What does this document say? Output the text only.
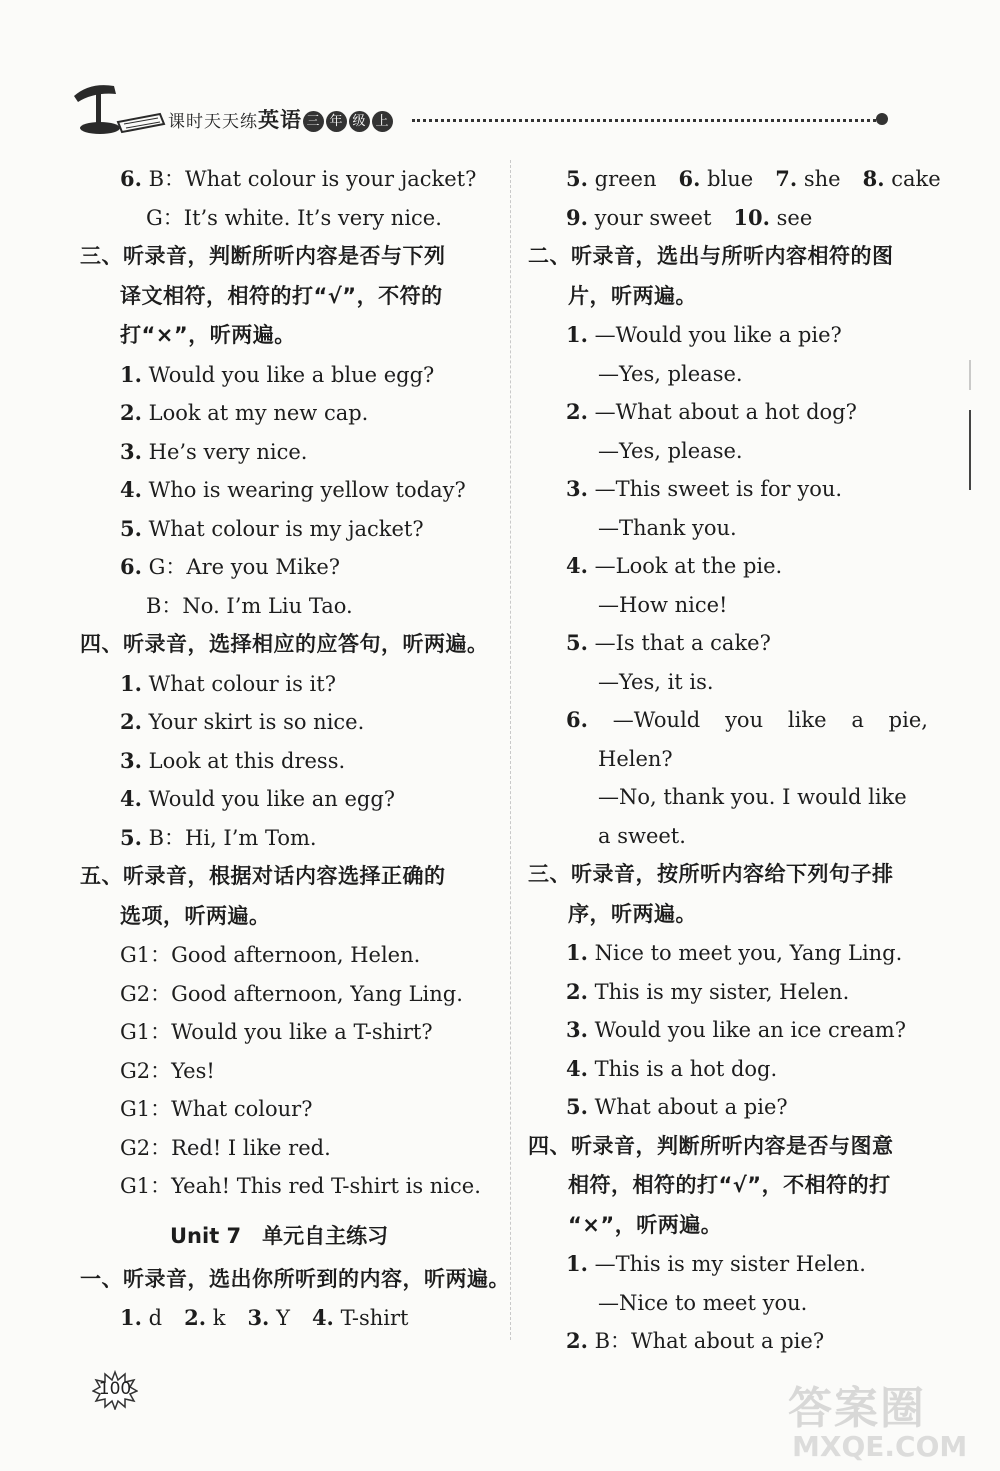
课时天天练英语 三 年 级 上
6. B：What colour is your jacket?
G：It’s white. It’s very nice.
三、听录音，判断所听内容是否与下列
译文相符，相符的打“√”，不符的
打“×”，听两遍。
1. Would you like a blue egg?
2. Look at my new cap.
3. He’s very nice.
4. Who is wearing yellow today?
5. What colour is my jacket?
6. G：Are you Mike?
B：No. I’m Liu Tao.
四、听录音，选择相应的应答句，听两遍。
1. What colour is it?
2. Your skirt is so nice.
3. Look at this dress.
4. Would you like an egg?
5. B：Hi, I’m Tom.
五、听录音，根据对话内容选择正确的
选项，听两遍。
G1：Good afternoon, Helen.
G2：Good afternoon, Yang Ling.
G1：Would you like a T-shirt?
G2：Yes!
G1：What colour?
G2：Red! I like red.
G1：Yeah! This red T-shirt is nice.
Unit 7　单元自主练习
一、听录音，选出你所听到的内容，听两遍。
1. d 2. k 3. Y 4. T-shirt
5. green 6. blue 7. she 8. cake
9. your sweet 10. see
二、听录音，选出与所听内容相符的图
片，听两遍。
1. —Would you like a pie?
—Yes, please.
2. —What about a hot dog?
—Yes, please.
3. —This sweet is for you.
—Thank you.
4. —Look at the pie.
—How nice!
5. —Is that a cake?
—Yes, it is.
6. —Would you like a pie,
Helen?
—No, thank you. I would like
a sweet.
三、听录音，按所听内容给下列句子排
序，听两遍。
1. Nice to meet you, Yang Ling.
2. This is my sister, Helen.
3. Would you like an ice cream?
4. This is a hot dog.
5. What about a pie?
四、听录音，判断所听内容是否与图意
相符，相符的打“√”，不相符的打
“×”，听两遍。
1. —This is my sister Helen.
—Nice to meet you.
2. B：What about a pie?
100	答案圈
MXQE.COM
